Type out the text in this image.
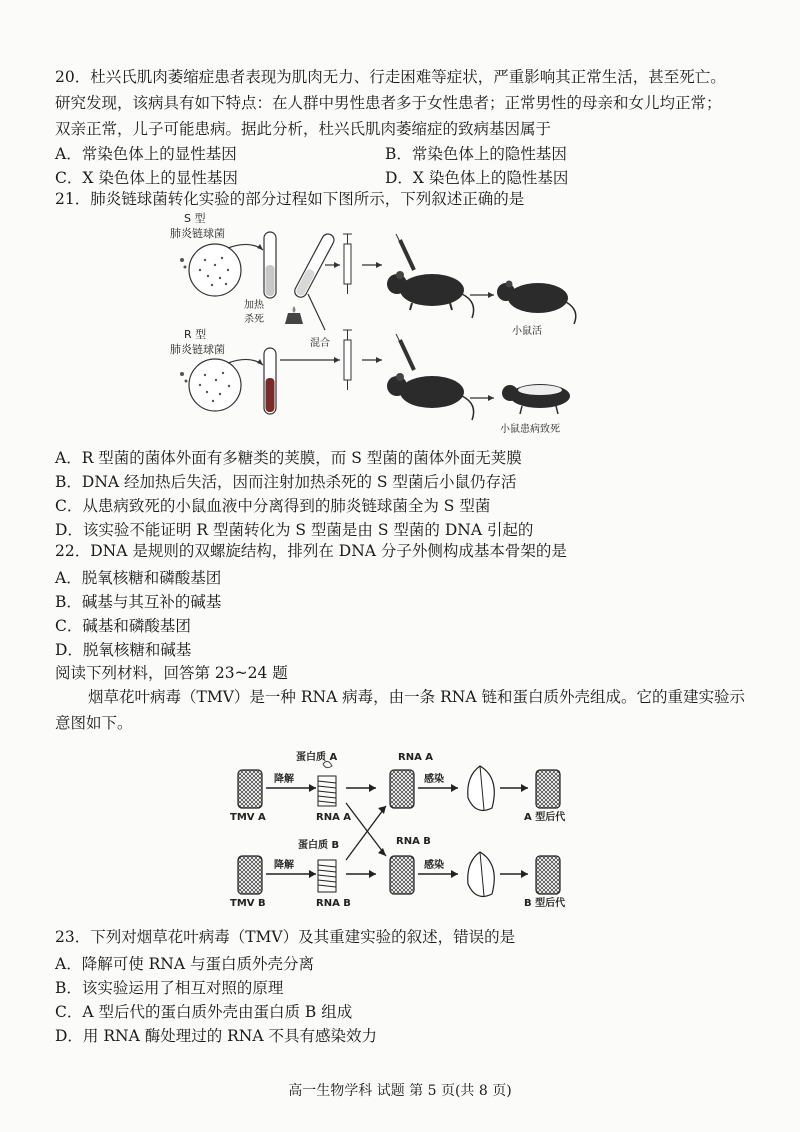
20．杜兴氏肌肉萎缩症患者表现为肌肉无力、行走困难等症状，严重影响其正常生活，甚至死亡。
研究发现，该病具有如下特点：在人群中男性患者多于女性患者；正常男性的母亲和女儿均正常；
双亲正常，儿子可能患病。据此分析，杜兴氏肌肉萎缩症的致病基因属于
A．常染色体上的显性基因	B．常染色体上的隐性基因
C．X 染色体上的显性基因	D．X 染色体上的隐性基因
21．肺炎链球菌转化实验的部分过程如下图所示，下列叙述正确的是
S 型
肺炎链球菌
加热
杀死
混合
小鼠活
R 型
肺炎链球菌
小鼠患病致死
A．R 型菌的菌体外面有多糖类的荚膜，而 S 型菌的菌体外面无荚膜
B．DNA 经加热后失活，因而注射加热杀死的 S 型菌后小鼠仍存活
C．从患病致死的小鼠血液中分离得到的肺炎链球菌全为 S 型菌
D．该实验不能证明 R 型菌转化为 S 型菌是由 S 型菌的 DNA 引起的
22．DNA 是规则的双螺旋结构，排列在 DNA 分子外侧构成基本骨架的是
A．脱氧核糖和磷酸基团
B．碱基与其互补的碱基
C．碱基和磷酸基团
D．脱氧核糖和碱基
阅读下列材料，回答第 23~24 题
烟草花叶病毒（TMV）是一种 RNA 病毒，由一条 RNA 链和蛋白质外壳组成。它的重建实验示
意图如下。
TMV A
降解
蛋白质 A
RNA A
RNA A
感染
A 型后代
蛋白质 B	RNA B
TMV B
降解
RNA B
感染
B 型后代
23．下列对烟草花叶病毒（TMV）及其重建实验的叙述，错误的是
A．降解可使 RNA 与蛋白质外壳分离
B．该实验运用了相互对照的原理
C．A 型后代的蛋白质外壳由蛋白质 B 组成
D．用 RNA 酶处理过的 RNA 不具有感染效力
高一生物学科 试题 第 5 页(共 8 页)
